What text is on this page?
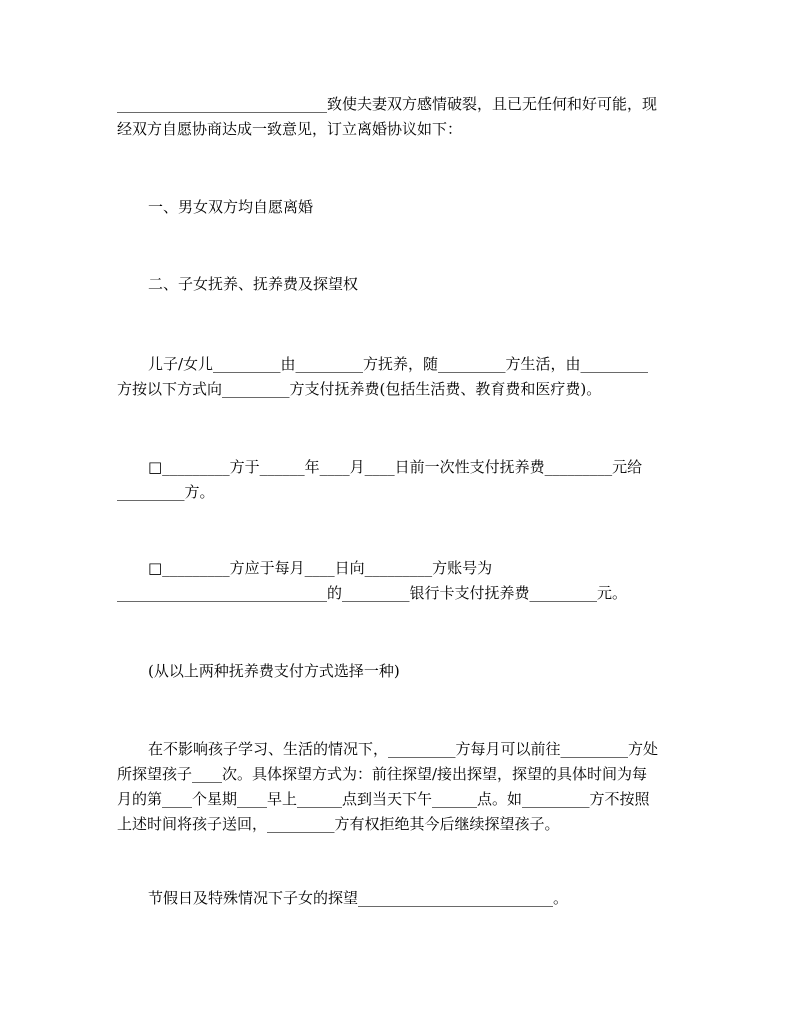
____________________________致使夫妻双方感情破裂，且已无任何和好可能，现
经双方自愿协商达成一致意见，订立离婚协议如下：

一、男女双方均自愿离婚

二、子女抚养、抚养费及探望权

儿子/女儿_________由_________方抚养，随_________方生活，由_________
方按以下方式向_________方支付抚养费(包括生活费、教育费和医疗费)。

□_________方于______年____月____日前一次性支付抚养费_________元给
_________方。

□_________方应于每月____日向_________方账号为
____________________________的_________银行卡支付抚养费_________元。

(从以上两种抚养费支付方式选择一种)

在不影响孩子学习、生活的情况下，_________方每月可以前往_________方处
所探望孩子____次。具体探望方式为：前往探望/接出探望，探望的具体时间为每
月的第____个星期____早上______点到当天下午______点。如_________方不按照
上述时间将孩子送回，_________方有权拒绝其今后继续探望孩子。

节假日及特殊情况下子女的探望__________________________。
